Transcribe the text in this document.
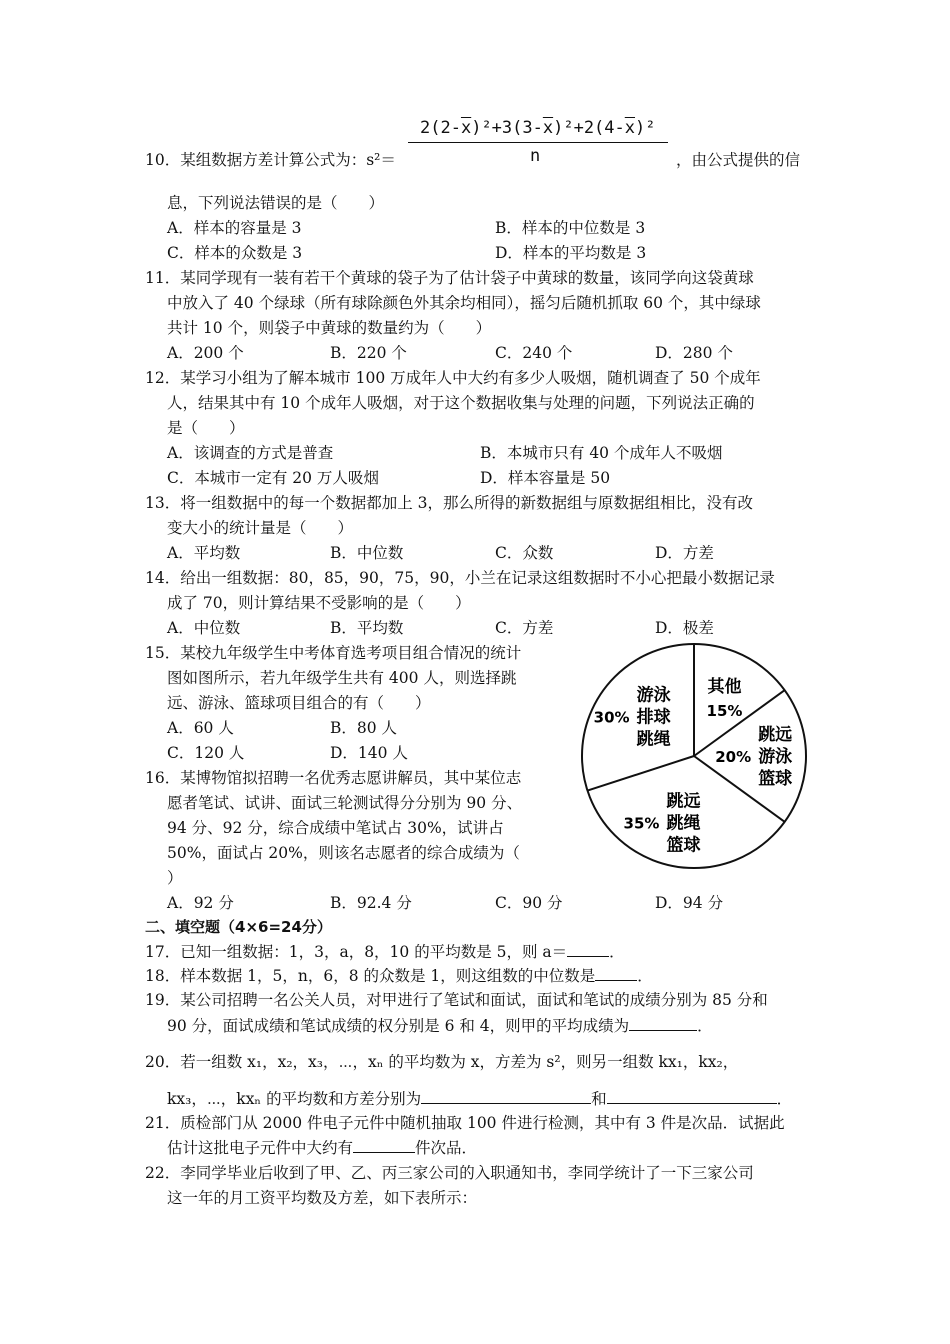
$2(2-\overline{x})^2+3(3-\overline{x})^2+2(4-\overline{x})^2$
n
10．某组数据方差计算公式为：s²＝	，由公式提供的信
息，下列说法错误的是（　　）
A．样本的容量是 3	B．样本的中位数是 3
C．样本的众数是 3	D．样本的平均数是 3
11．某同学现有一装有若干个黄球的袋子为了估计袋子中黄球的数量，该同学向这袋黄球
中放入了 40 个绿球（所有球除颜色外其余均相同），摇匀后随机抓取 60 个，其中绿球
共计 10 个，则袋子中黄球的数量约为（　　）
A．200 个	B．220 个	C．240 个	D．280 个
12．某学习小组为了解本城市 100 万成年人中大约有多少人吸烟，随机调查了 50 个成年
人，结果其中有 10 个成年人吸烟，对于这个数据收集与处理的问题，下列说法正确的
是（　　）
A．该调查的方式是普查	B．本城市只有 40 个成年人不吸烟
C．本城市一定有 20 万人吸烟	D．样本容量是 50
13．将一组数据中的每一个数据都加上 3，那么所得的新数据组与原数据组相比，没有改
变大小的统计量是（　　）
A．平均数	B．中位数	C．众数	D．方差
14．给出一组数据：80，85，90，75，90，小兰在记录这组数据时不小心把最小数据记录
成了 70，则计算结果不受影响的是（　　）
A．中位数	B．平均数	C．方差	D．极差
15．某校九年级学生中考体育选考项目组合情况的统计
图如图所示，若九年级学生共有 400 人，则选择跳
远、游泳、篮球项目组合的有（　　）
A．60 人	B．80 人
C．120 人	D．140 人
16．某博物馆拟招聘一名优秀志愿讲解员，其中某位志
愿者笔试、试讲、面试三轮测试得分分别为 90 分、
94 分、92 分，综合成绩中笔试占 30%，试讲占
50%，面试占 20%，则该名志愿者的综合成绩为（
）
A．92 分	B．92.4 分	C．90 分	D．94 分
其他
15%
跳远
游泳
篮球
20%
跳远
跳绳
篮球
35%
游泳
排球
跳绳
30%
二、填空题（4×6=24分）
17．已知一组数据：1，3，a，8，10 的平均数是 5，则 a＝	．
18．样本数据 1，5，n，6，8 的众数是 1，则这组数的中位数是	．
19．某公司招聘一名公关人员，对甲进行了笔试和面试，面试和笔试的成绩分别为 85 分和
90 分，面试成绩和笔试成绩的权分别是 6 和 4，则甲的平均成绩为	．
20．若一组数 x₁，x₂，x₃，⋯，xₙ 的平均数为 x，方差为 s²，则另一组数 kx₁，kx₂，
kx₃，⋯，kxₙ 的平均数和方差分别为	和	．
21．质检部门从 2000 件电子元件中随机抽取 100 件进行检测，其中有 3 件是次品．试据此
估计这批电子元件中大约有	件次品．
22．李同学毕业后收到了甲、乙、丙三家公司的入职通知书，李同学统计了一下三家公司
这一年的月工资平均数及方差，如下表所示：
